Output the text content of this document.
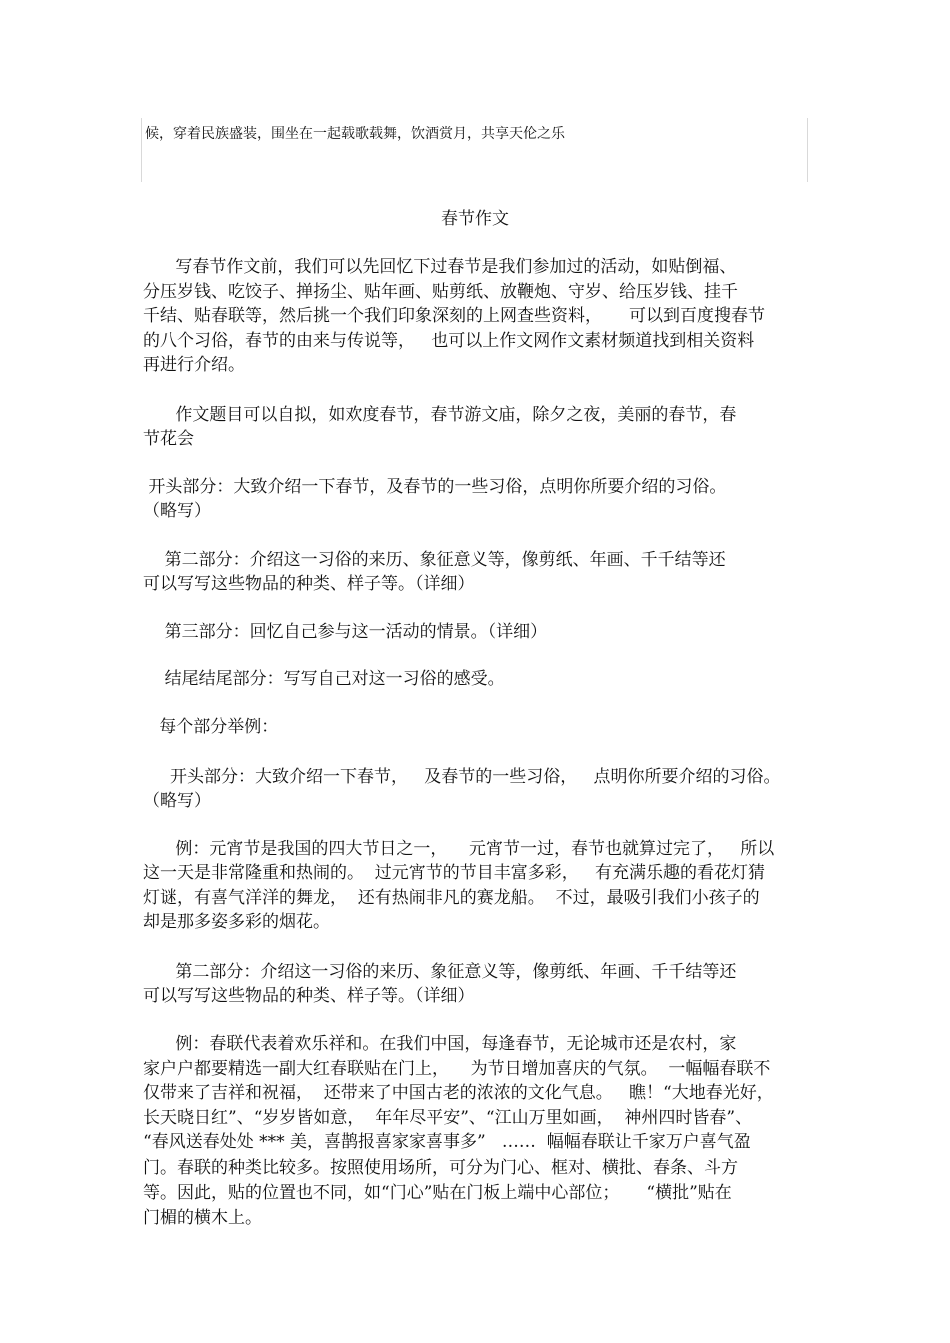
候，穿着民族盛装，围坐在一起载歌载舞，饮酒赏月，共享天伦之乐
春节作文
写春节作文前，我们可以先回忆下过春节是我们参加过的活动，如贴倒福、
分压岁钱、吃饺子、掸扬尘、贴年画、贴剪纸、放鞭炮、守岁、给压岁钱、挂千
千结、贴春联等，然后挑一个我们印象深刻的上网查些资料，     可以到百度搜春节
的八个习俗，春节的由来与传说等，   也可以上作文网作文素材频道找到相关资料
再进行介绍。
作文题目可以自拟，如欢度春节，春节游文庙，除夕之夜，美丽的春节，春
节花会
开头部分：大致介绍一下春节，及春节的一些习俗，点明你所要介绍的习俗。
（略写）
第二部分：介绍这一习俗的来历、象征意义等，像剪纸、年画、千千结等还
可以写写这些物品的种类、样子等。（详细）
第三部分：回忆自己参与这一活动的情景。（详细）
结尾结尾部分：写写自己对这一习俗的感受。
每个部分举例：
开头部分：大致介绍一下春节，   及春节的一些习俗，   点明你所要介绍的习俗。
（略写）
例：元宵节是我国的四大节日之一，    元宵节一过，春节也就算过完了，   所以
这一天是非常隆重和热闹的。  过元宵节的节目丰富多彩，   有充满乐趣的看花灯猜
灯谜，有喜气洋洋的舞龙，  还有热闹非凡的赛龙船。  不过，最吸引我们小孩子的
却是那多姿多彩的烟花。
第二部分：介绍这一习俗的来历、象征意义等，像剪纸、年画、千千结等还
可以写写这些物品的种类、样子等。（详细）
例：春联代表着欢乐祥和。在我们中国，每逢春节，无论城市还是农村，家
家户户都要精选一副大红春联贴在门上，    为节日增加喜庆的气氛。  一幅幅春联不
仅带来了吉祥和祝福，  还带来了中国古老的浓浓的文化气息。   瞧！“大地春光好，
长天晓日红”、“岁岁皆如意，  年年尽平安”、“江山万里如画，  神州四时皆春”、
“春风送春处处 *** 美，喜鹊报喜家家喜事多”   ……  幅幅春联让千家万户喜气盈
门。春联的种类比较多。按照使用场所，可分为门心、框对、横批、春条、斗方
等。因此，贴的位置也不同，如“门心”贴在门板上端中心部位；     “横批”贴在
门楣的横木上。
